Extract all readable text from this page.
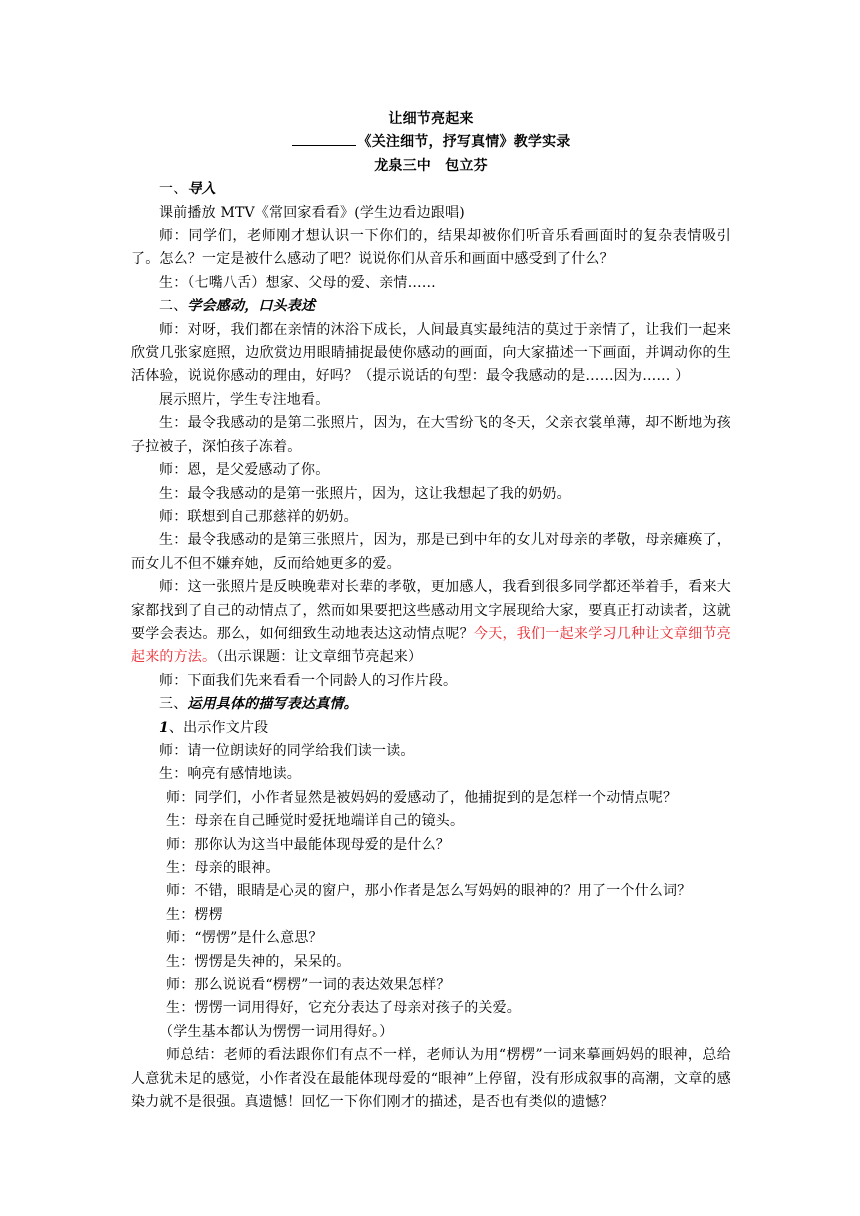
让细节亮起来
《关注细节，抒写真情》教学实录
龙泉三中　包立芬

一、导入

课前播放 MTV《常回家看看》(学生边看边跟唱)

师：同学们，老师刚才想认识一下你们的，结果却被你们听音乐看画面时的复杂表情吸引了。怎么？一定是被什么感动了吧？说说你们从音乐和画面中感受到了什么？

生：（七嘴八舌）想家、父母的爱、亲情……

二、学会感动，口头表述

师：对呀，我们都在亲情的沐浴下成长，人间最真实最纯洁的莫过于亲情了，让我们一起来欣赏几张家庭照，边欣赏边用眼睛捕捉最使你感动的画面，向大家描述一下画面，并调动你的生活体验，说说你感动的理由，好吗？（提示说话的句型：最令我感动的是……因为…… ）

展示照片，学生专注地看。

生：最令我感动的是第二张照片，因为，在大雪纷飞的冬天，父亲衣裳单薄，却不断地为孩子拉被子，深怕孩子冻着。

师：恩，是父爱感动了你。

生：最令我感动的是第一张照片，因为，这让我想起了我的奶奶。

师：联想到自己那慈祥的奶奶。

生：最令我感动的是第三张照片，因为，那是已到中年的女儿对母亲的孝敬，母亲瘫痪了，而女儿不但不嫌弃她，反而给她更多的爱。

师：这一张照片是反映晚辈对长辈的孝敬，更加感人，我看到很多同学都还举着手，看来大家都找到了自己的动情点了，然而如果要把这些感动用文字展现给大家，要真正打动读者，这就要学会表达。那么，如何细致生动地表达这动情点呢？今天，我们一起来学习几种让文章细节亮起来的方法。（出示课题：让文章细节亮起来）

师：下面我们先来看看一个同龄人的习作片段。

三、运用具体的描写表达真情。

1、出示作文片段

师：请一位朗读好的同学给我们读一读。

生：响亮有感情地读。

师：同学们，小作者显然是被妈妈的爱感动了，他捕捉到的是怎样一个动情点呢？

生：母亲在自己睡觉时爱抚地端详自己的镜头。

师：那你认为这当中最能体现母爱的是什么？

生：母亲的眼神。

师：不错，眼睛是心灵的窗户，那小作者是怎么写妈妈的眼神的？用了一个什么词？

生：楞楞

师：“愣愣”是什么意思？

生：愣愣是失神的，呆呆的。

师：那么说说看“楞楞”一词的表达效果怎样？

生：愣愣一词用得好，它充分表达了母亲对孩子的关爱。

（学生基本都认为愣愣一词用得好。）

师总结：老师的看法跟你们有点不一样，老师认为用“楞楞”一词来摹画妈妈的眼神，总给人意犹未足的感觉，小作者没在最能体现母爱的“眼神”上停留，没有形成叙事的高潮，文章的感染力就不是很强。真遗憾！回忆一下你们刚才的描述，是否也有类似的遗憾？
